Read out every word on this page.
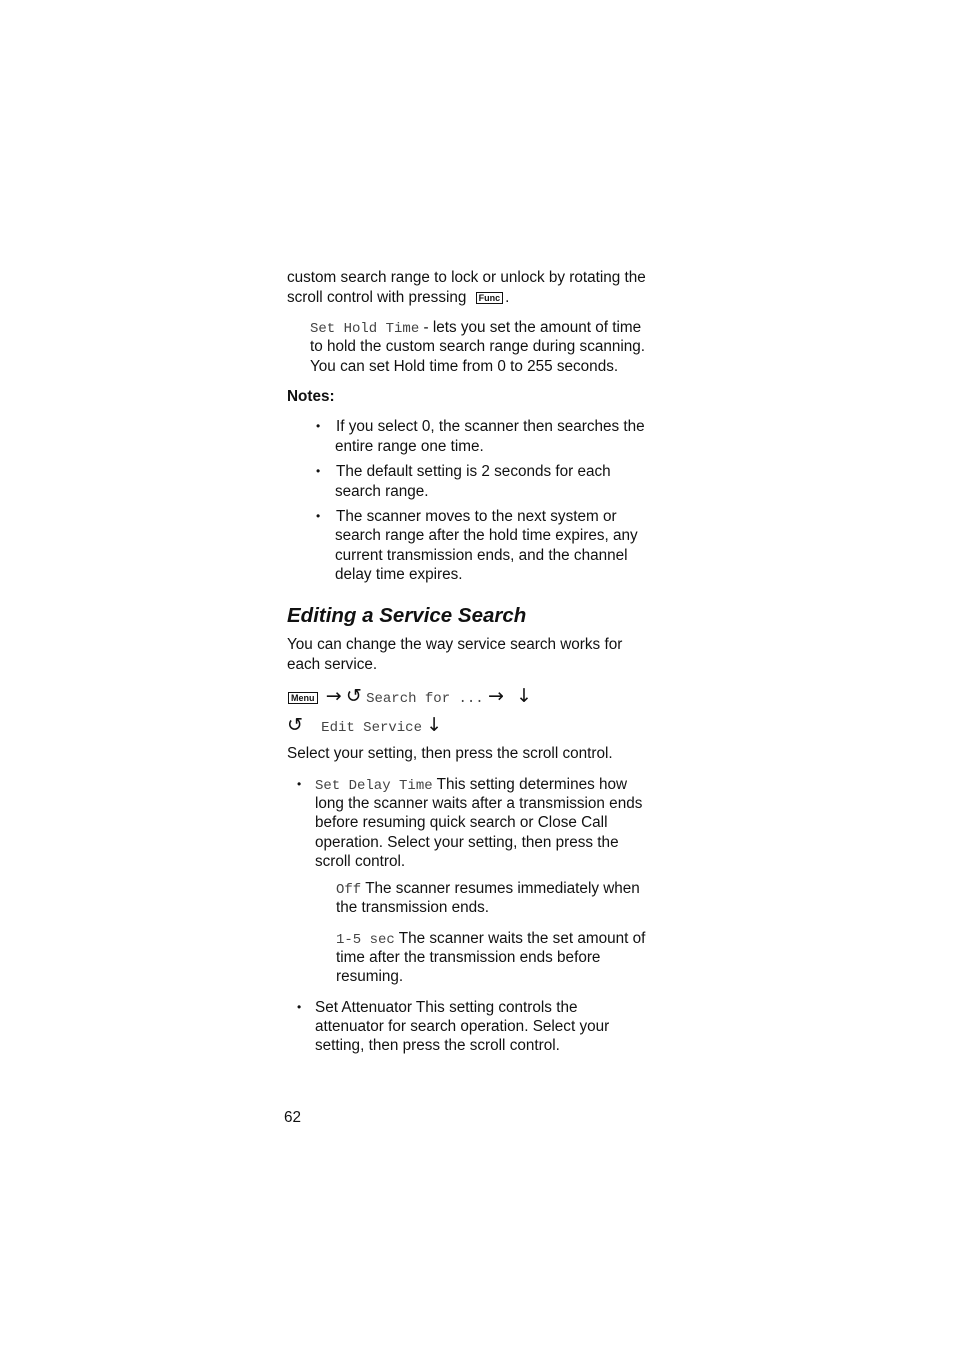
custom search range to lock or unlock by rotating the
scroll control with pressing Func .
Set Hold Time - lets you set the amount of time
to hold the custom search range during scanning.
You can set Hold time from 0 to 255 seconds.
Notes:
• If you select 0, the scanner then searches the
entire range one time.
• The default setting is 2 seconds for each
search range.
• The scanner moves to the next system or
search range after the hold time expires, any
current transmission ends, and the channel
delay time expires.
Editing a Service Search
You can change the way service search works for
each service.
Menu → ↺ Search for ... → ↓
↺ Edit Service ↓
Select your setting, then press the scroll control.
• Set Delay Time This setting determines how
long the scanner waits after a transmission ends
before resuming quick search or Close Call
operation. Select your setting, then press the
scroll control.
Off The scanner resumes immediately when
the transmission ends.
1-5 sec The scanner waits the set amount of
time after the transmission ends before
resuming.
• Set Attenuator This setting controls the
attenuator for search operation. Select your
setting, then press the scroll control.
62
